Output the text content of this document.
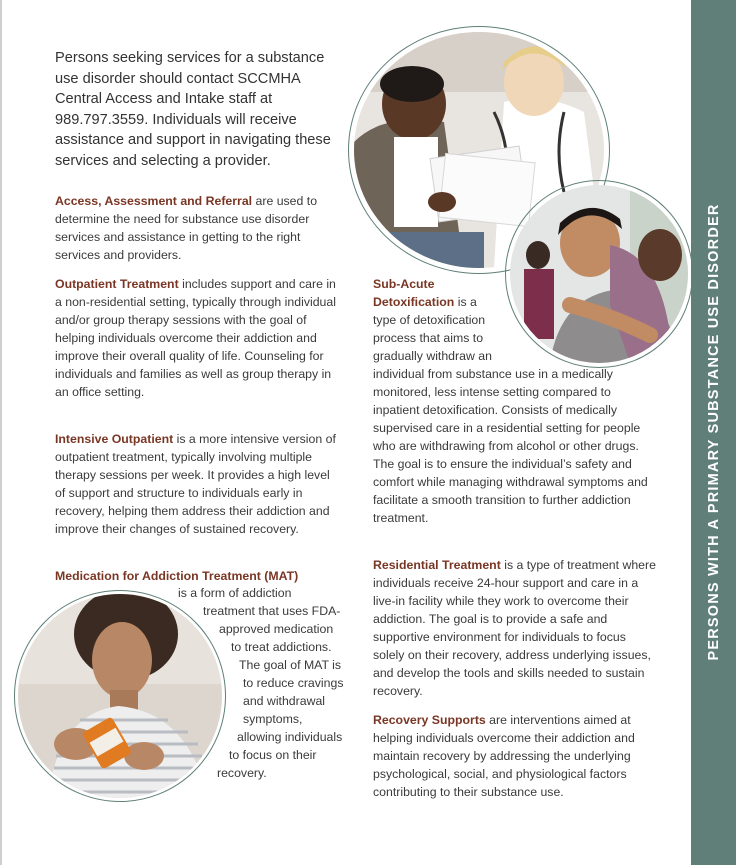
PERSONS WITH A PRIMARY SUBSTANCE USE DISORDER

Persons seeking services for a substance use disorder should contact SCCMHA Central Access and Intake staff at 989.797.3559. Individuals will receive assistance and support in navigating these services and selecting a provider.

Access, Assessment and Referral are used to determine the need for substance use disorder services and assistance in getting to the right services and providers.

Outpatient Treatment includes support and care in a non-residential setting, typically through individual and/or group therapy sessions with the goal of helping individuals overcome their addiction and improve their overall quality of life. Counseling for individuals and families as well as group therapy in an office setting.

Intensive Outpatient is a more intensive version of outpatient treatment, typically involving multiple therapy sessions per week. It provides a high level of support and structure to individuals early in recovery, helping them address their addiction and improve their changes of sustained recovery.

Medication for Addiction Treatment (MAT)
is a form of addiction treatment that uses FDA-approved medication to treat addictions. The goal of MAT is to reduce cravings and withdrawal symptoms, allowing individuals to focus on their recovery.
Sub-Acute Detoxification is a type of detoxification process that aims to gradually withdraw an individual from substance use in a medically monitored, less intense setting compared to inpatient detoxification. Consists of medically supervised care in a residential setting for people who are withdrawing from alcohol or other drugs. The goal is to ensure the individual’s safety and comfort while managing withdrawal symptoms and facilitate a smooth transition to further addiction treatment.

Residential Treatment is a type of treatment where individuals receive 24-hour support and care in a live-in facility while they work to overcome their addiction. The goal is to provide a safe and supportive environment for individuals to focus solely on their recovery, address underlying issues, and develop the tools and skills needed to sustain recovery.

Recovery Supports are interventions aimed at helping individuals overcome their addiction and maintain recovery by addressing the underlying psychological, social, and physiological factors contributing to their substance use.
